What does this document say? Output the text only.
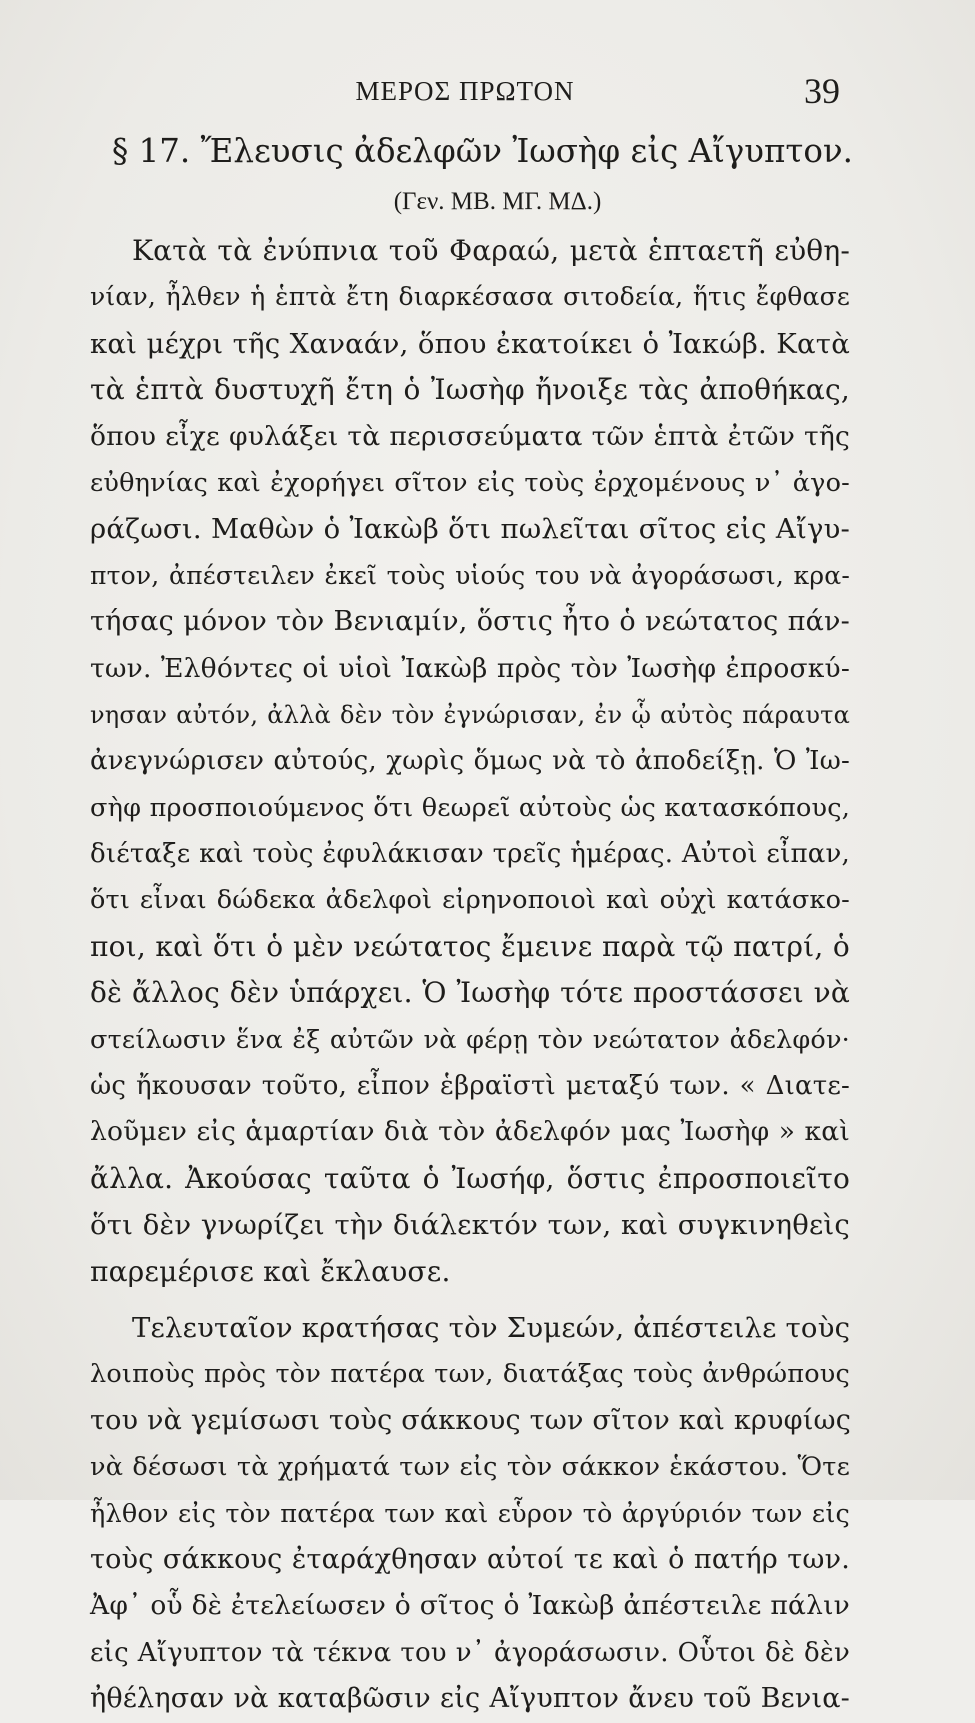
ΜΕΡΟΣ ΠΡΩΤΟΝ	39
§ 17. Ἔλευσις ἀδελφῶν Ἰωσὴφ εἰς Αἴγυπτον.
(Γεν. ΜΒ. ΜΓ. ΜΔ.)
Κατὰ τὰ ἐνύπνια τοῦ Φαραώ, μετὰ ἑπταετῆ εὐθη-
νίαν, ἦλθεν ἡ ἑπτὰ ἔτη διαρκέσασα σιτοδεία, ἥτις ἔφθασε
καὶ μέχρι τῆς Χαναάν, ὅπου ἐκατοίκει ὁ Ἰακώβ. Κατὰ
τὰ ἑπτὰ δυστυχῆ ἔτη ὁ Ἰωσὴφ ἤνοιξε τὰς ἀποθήκας,
ὅπου εἶχε φυλάξει τὰ περισσεύματα τῶν ἑπτὰ ἐτῶν τῆς
εὐθηνίας καὶ ἐχορήγει σῖτον εἰς τοὺς ἐρχομένους ν᾽ ἀγο-
ράζωσι. Μαθὼν ὁ Ἰακὼβ ὅτι πωλεῖται σῖτος εἰς Αἴγυ-
πτον, ἀπέστειλεν ἐκεῖ τοὺς υἱούς του νὰ ἀγοράσωσι, κρα-
τήσας μόνον τὸν Βενιαμίν, ὅστις ἦτο ὁ νεώτατος πάν-
των. Ἐλθόντες οἱ υἱοὶ Ἰακὼβ πρὸς τὸν Ἰωσὴφ ἐπροσκύ-
νησαν αὐτόν, ἀλλὰ δὲν τὸν ἐγνώρισαν, ἐν ᾧ αὐτὸς πάραυτα
ἀνεγνώρισεν αὐτούς, χωρὶς ὅμως νὰ τὸ ἀποδείξῃ. Ὁ Ἰω-
σὴφ προσποιούμενος ὅτι θεωρεῖ αὐτοὺς ὡς κατασκόπους,
διέταξε καὶ τοὺς ἐφυλάκισαν τρεῖς ἡμέρας. Αὐτοὶ εἶπαν,
ὅτι εἶναι δώδεκα ἀδελφοὶ εἰρηνοποιοὶ καὶ οὐχὶ κατάσκο-
ποι, καὶ ὅτι ὁ μὲν νεώτατος ἔμεινε παρὰ τῷ πατρί, ὁ
δὲ ἄλλος δὲν ὑπάρχει. Ὁ Ἰωσὴφ τότε προστάσσει νὰ
στείλωσιν ἕνα ἐξ αὐτῶν νὰ φέρῃ τὸν νεώτατον ἀδελφόν·
ὡς ἤκουσαν τοῦτο, εἶπον ἑβραϊστὶ μεταξύ των. « Διατε-
λοῦμεν εἰς ἁμαρτίαν διὰ τὸν ἀδελφόν μας Ἰωσὴφ » καὶ
ἄλλα. Ἀκούσας ταῦτα ὁ Ἰωσήφ, ὅστις ἐπροσποιεῖτο
ὅτι δὲν γνωρίζει τὴν διάλεκτόν των, καὶ συγκινηθεὶς
παρεμέρισε καὶ ἔκλαυσε.
Τελευταῖον κρατήσας τὸν Συμεών, ἀπέστειλε τοὺς
λοιποὺς πρὸς τὸν πατέρα των, διατάξας τοὺς ἀνθρώπους
του νὰ γεμίσωσι τοὺς σάκκους των σῖτον καὶ κρυφίως
νὰ δέσωσι τὰ χρήματά των εἰς τὸν σάκκον ἑκάστου. Ὅτε
ἦλθον εἰς τὸν πατέρα των καὶ εὗρον τὸ ἀργύριόν των εἰς
τοὺς σάκκους ἐταράχθησαν αὐτοί τε καὶ ὁ πατήρ των.
Ἀφ᾽ οὗ δὲ ἐτελείωσεν ὁ σῖτος ὁ Ἰακὼβ ἀπέστειλε πάλιν
εἰς Αἴγυπτον τὰ τέκνα του ν᾽ ἀγοράσωσιν. Οὗτοι δὲ δὲν
ἠθέλησαν νὰ καταβῶσιν εἰς Αἴγυπτον ἄνευ τοῦ Βενια-
